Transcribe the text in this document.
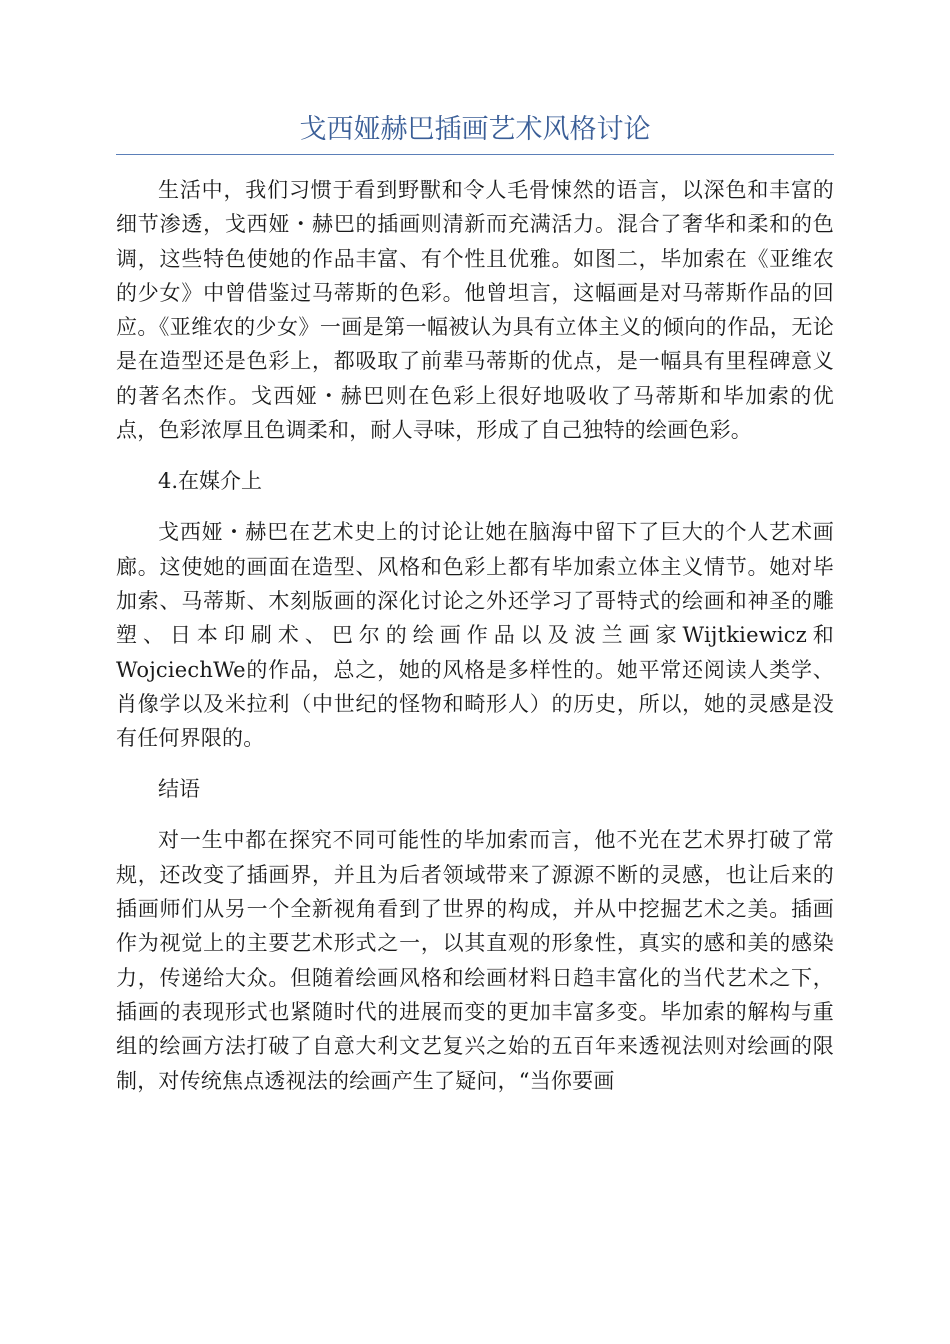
戈西娅赫巴插画艺术风格讨论

生活中，我们习惯于看到野獸和令人毛骨悚然的语言，以深色和丰富的细节渗透，戈西娅・赫巴的插画则清新而充满活力。混合了奢华和柔和的色调，这些特色使她的作品丰富、有个性且优雅。如图二，毕加索在《亚维农的少女》中曾借鉴过马蒂斯的色彩。他曾坦言，这幅画是对马蒂斯作品的回应。《亚维农的少女》一画是第一幅被认为具有立体主义的倾向的作品，无论是在造型还是色彩上，都吸取了前辈马蒂斯的优点，是一幅具有里程碑意义的著名杰作。戈西娅・赫巴则在色彩上很好地吸收了马蒂斯和毕加索的优点，色彩浓厚且色调柔和，耐人寻味，形成了自己独特的绘画色彩。

4.在媒介上

戈西娅・赫巴在艺术史上的讨论让她在脑海中留下了巨大的个人艺术画廊。这使她的画面在造型、风格和色彩上都有毕加索立体主义情节。她对毕加索、马蒂斯、木刻版画的深化讨论之外还学习了哥特式的绘画和神圣的雕塑、日本印刷术、巴尔的绘画作品以及波兰画家Wijtkiewicz和WojciechWe的作品，总之，她的风格是多样性的。她平常还阅读人类学、肖像学以及米拉利（中世纪的怪物和畸形人）的历史，所以，她的灵感是没有任何界限的。

结语

对一生中都在探究不同可能性的毕加索而言，他不光在艺术界打破了常规，还改变了插画界，并且为后者领域带来了源源不断的灵感，也让后来的插画师们从另一个全新视角看到了世界的构成，并从中挖掘艺术之美。插画作为视觉上的主要艺术形式之一，以其直观的形象性，真实的感和美的感染力，传递给大众。但随着绘画风格和绘画材料日趋丰富化的当代艺术之下，插画的表现形式也紧随时代的进展而变的更加丰富多变。毕加索的解构与重组的绘画方法打破了自意大利文艺复兴之始的五百年来透视法则对绘画的限制，对传统焦点透视法的绘画产生了疑问，“当你要画
